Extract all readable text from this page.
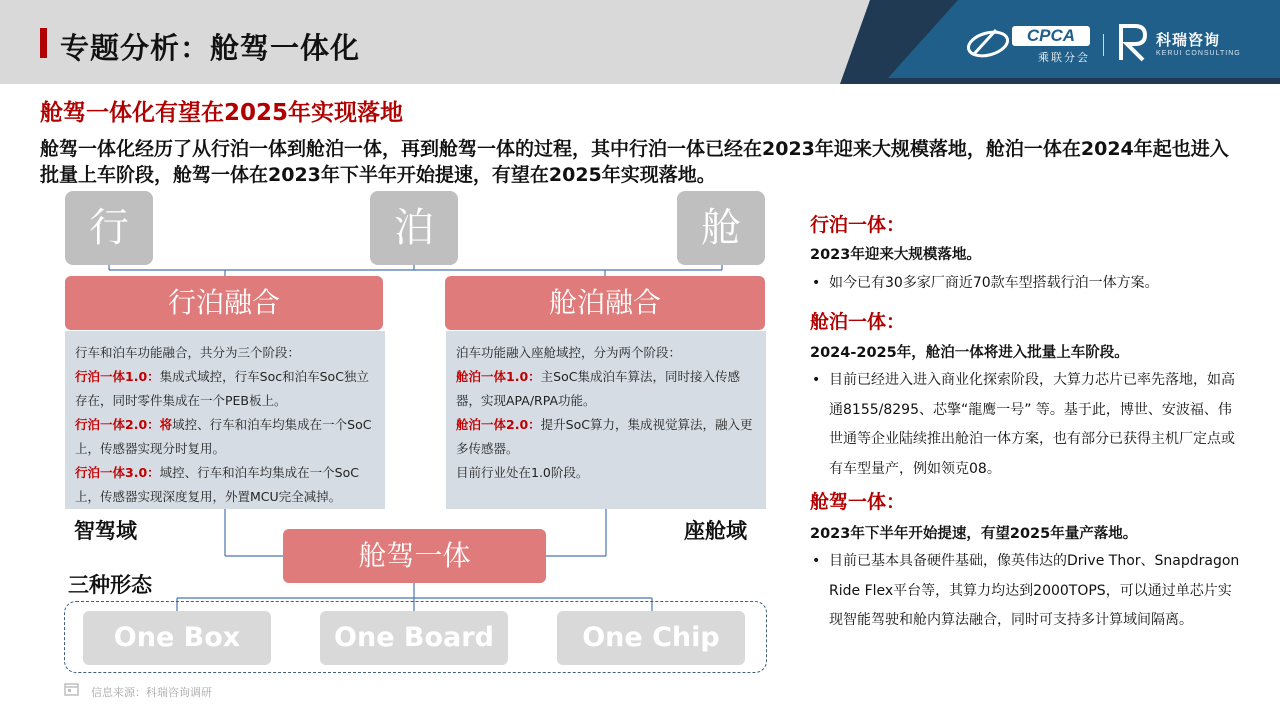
专题分析：舱驾一体化	CPCA
乘联分会
科瑞咨询
KERUI CONSULTING
舱驾一体化有望在2025年实现落地
舱驾一体化经历了从行泊一体到舱泊一体，再到舱驾一体的过程，其中行泊一体已经在2023年迎来大规模落地，舱泊一体在2024年起也进入批量上车阶段，舱驾一体在2023年下半年开始提速，有望在2025年实现落地。
行	泊	舱
行泊融合	舱泊融合
行车和泊车功能融合，共分为三个阶段：
行泊一体1.0：集成式域控，行车Soc和泊车SoC独立存在，同时零件集成在一个PEB板上。
行泊一体2.0：将域控、行车和泊车均集成在一个SoC上，传感器实现分时复用。
行泊一体3.0：域控、行车和泊车均集成在一个SoC上，传感器实现深度复用，外置MCU完全减掉。
泊车功能融入座舱域控，分为两个阶段：
舱泊一体1.0：主SoC集成泊车算法，同时接入传感器，实现APA/RPA功能。
舱泊一体2.0：提升SoC算力，集成视觉算法，融入更多传感器。
目前行业处在1.0阶段。
智驾域	座舱域
舱驾一体
三种形态
One Box	One Board	One Chip
信息来源：科瑞咨询调研
行泊一体：
2023年迎来大规模落地。
• 如今已有30多家厂商近70款车型搭载行泊一体方案。
舱泊一体：
2024-2025年，舱泊一体将进入批量上车阶段。
• 目前已经进入进入商业化探索阶段，大算力芯片已率先落地，如高通8155/8295、芯擎“龍鹰一号” 等。基于此，博世、安波福、伟世通等企业陆续推出舱泊一体方案，也有部分已获得主机厂定点或有车型量产，例如领克08。
舱驾一体：
2023年下半年开始提速，有望2025年量产落地。
• 目前已基本具备硬件基础，像英伟达的Drive Thor、Snapdragon Ride Flex平台等，其算力均达到2000TOPS，可以通过单芯片实现智能驾驶和舱内算法融合，同时可支持多计算域间隔离。
